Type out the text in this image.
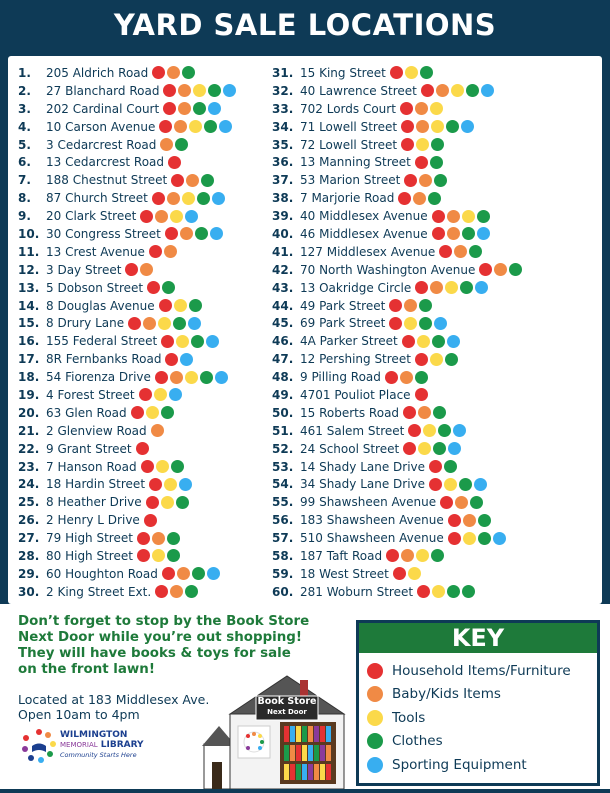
YARD SALE LOCATIONS
1.	205 Aldrich Road
2.	27 Blanchard Road
3.	202 Cardinal Court
4.	10 Carson Avenue
5.	3 Cedarcrest Road
6.	13 Cedarcrest Road
7.	188 Chestnut Street
8.	87 Church Street
9.	20 Clark Street
10. 30 Congress Street
11. 13 Crest Avenue
12. 3 Day Street
13. 5 Dobson Street
14. 8 Douglas Avenue
15. 8 Drury Lane
16. 155 Federal Street
17. 8R Fernbanks Road
18. 54 Fiorenza Drive
19. 4 Forest Street
20. 63 Glen Road
21. 2 Glenview Road
22. 9 Grant Street
23. 7 Hanson Road
24. 18 Hardin Street
25. 8 Heather Drive
26. 2 Henry L Drive
27. 79 High Street
28. 80 High Street
29. 60 Houghton Road
30. 2 King Street Ext.
31. 15 King Street
32. 40 Lawrence Street
33. 702 Lords Court
34. 71 Lowell Street
35. 72 Lowell Street
36. 13 Manning Street
37. 53 Marion Street
38. 7 Marjorie Road
39. 40 Middlesex Avenue
40. 46 Middlesex Avenue
41. 127 Middlesex Avenue
42. 70 North Washington Avenue
43. 13 Oakridge Circle
44. 49 Park Street
45. 69 Park Street
46. 4A Parker Street
47. 12 Pershing Street
48. 9 Pilling Road
49. 4701 Pouliot Place
50. 15 Roberts Road
51. 461 Salem Street
52. 24 School Street
53. 14 Shady Lane Drive
54. 34 Shady Lane Drive
55. 99 Shawsheen Avenue
56. 183 Shawsheen Avenue
57. 510 Shawsheen Avenue
58. 187 Taft Road
59. 18 West Street
60. 281 Woburn Street
Don’t forget to stop by the Book Store
Next Door while you’re out shopping!
They will have books & toys for sale
on the front lawn!
Located at 183 Middlesex Ave.
Open 10am to 4pm
WILMINGTON
MEMORIAL LIBRARY
Community Starts Here
Book Store
Next Door
KEY
Household Items/Furniture
Baby/Kids Items
Tools
Clothes
Sporting Equipment
